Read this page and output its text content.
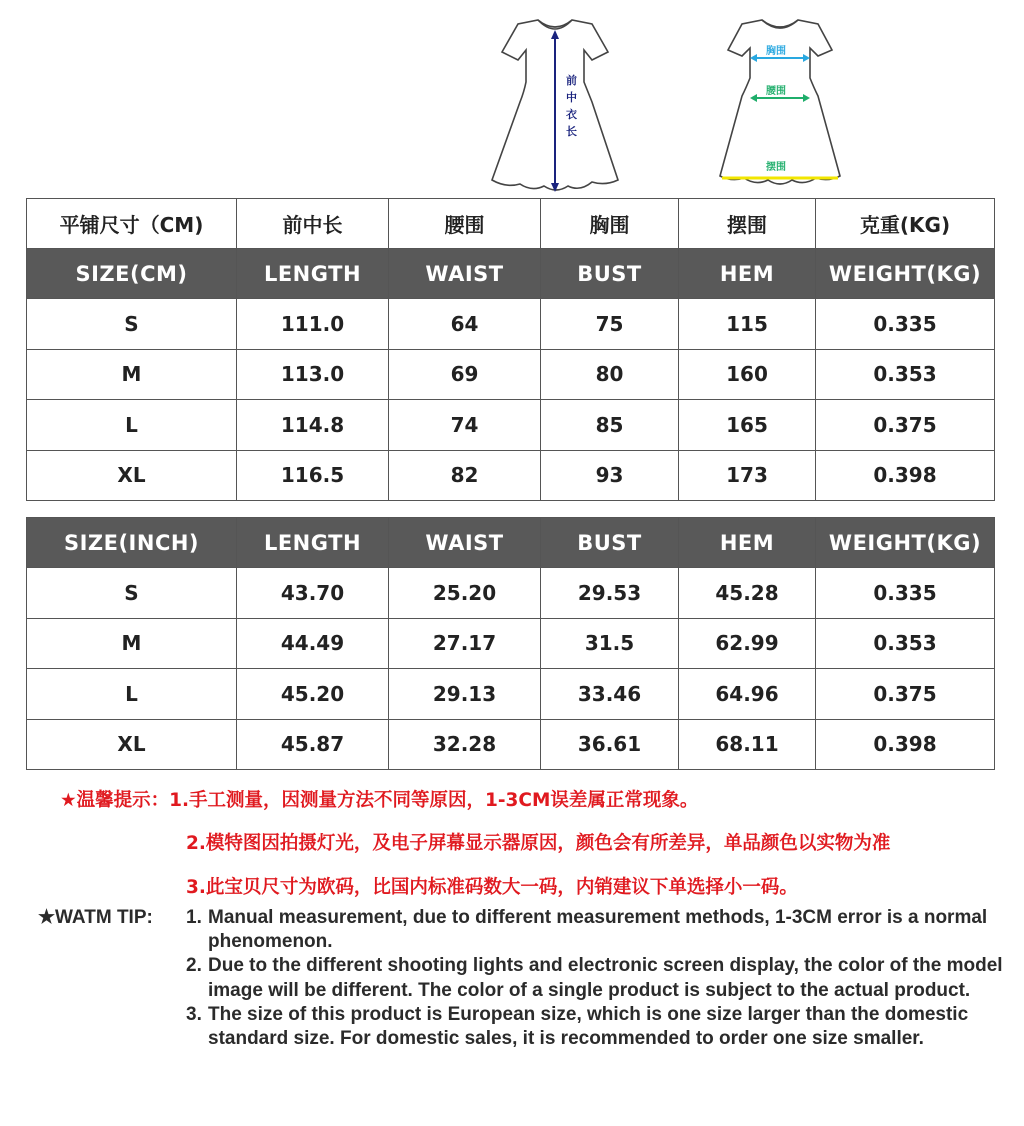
前
中
衣
长
胸围
腰围
摆围
平铺尺寸（CM)	前中长	腰围	胸围	摆围	克重(KG)
SIZE(CM)	LENGTH	WAIST	BUST	HEM	WEIGHT(KG)
S	111.0	64	75	115	0.335
M	113.0	69	80	160	0.353
L	114.8	74	85	165	0.375
XL	116.5	82	93	173	0.398
SIZE(INCH)	LENGTH	WAIST	BUST	HEM	WEIGHT(KG)
S	43.70	25.20	29.53	45.28	0.335
M	44.49	27.17	31.5	62.99	0.353
L	45.20	29.13	33.46	64.96	0.375
XL	45.87	32.28	36.61	68.11	0.398
★温馨提示：1.手工测量，因测量方法不同等原因，1-3CM误差属正常现象。
2.模特图因拍摄灯光，及电子屏幕显示器原因，颜色会有所差异，单品颜色以实物为准
3.此宝贝尺寸为欧码，比国内标准码数大一码，内销建议下单选择小一码。
★WATM TIP: 1. Manual measurement, due to different measurement methods, 1-3CM error is a normal phenomenon.
2. Due to the different shooting lights and electronic screen display, the color of the model image will be different. The color of a single product is subject to the actual product.
3. The size of this product is European size, which is one size larger than the domestic standard size. For domestic sales, it is recommended to order one size smaller.
